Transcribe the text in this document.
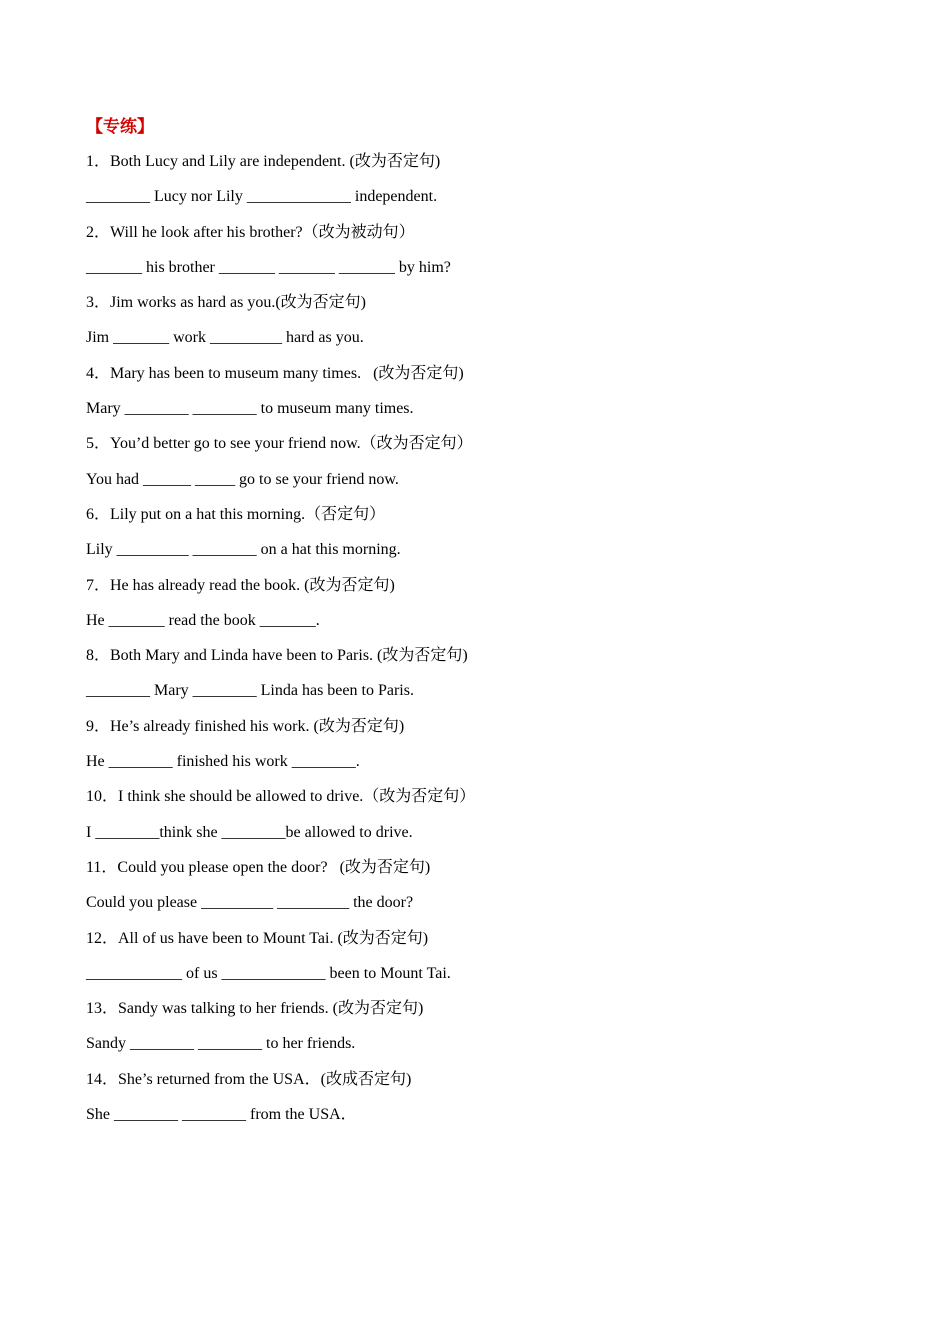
【专练】
1．Both Lucy and Lily are independent. (改为否定句)
________ Lucy nor Lily _____________ independent.
2．Will he look after his brother?（改为被动句）
_______ his brother _______ _______ _______ by him?
3．Jim works as hard as you.(改为否定句)
Jim _______ work _________ hard as you.
4．Mary has been to museum many times.   (改为否定句)
Mary ________ ________ to museum many times.
5．You’d better go to see your friend now.（改为否定句）
You had ______ _____ go to se your friend now.
6．Lily put on a hat this morning.（否定句）
Lily _________ ________ on a hat this morning.
7．He has already read the book. (改为否定句)
He _______ read the book _______.
8．Both Mary and Linda have been to Paris. (改为否定句)
________ Mary ________ Linda has been to Paris.
9．He’s already finished his work. (改为否定句)
He ________ finished his work ________.
10．I think she should be allowed to drive.（改为否定句）
I ________think she ________be allowed to drive.
11．Could you please open the door?   (改为否定句)
Could you please _________ _________ the door?
12．All of us have been to Mount Tai. (改为否定句)
____________ of us _____________ been to Mount Tai.
13．Sandy was talking to her friends. (改为否定句)
Sandy ________ ________ to her friends.
14．She’s returned from the USA．(改成否定句)
She ________ ________ from the USA．
